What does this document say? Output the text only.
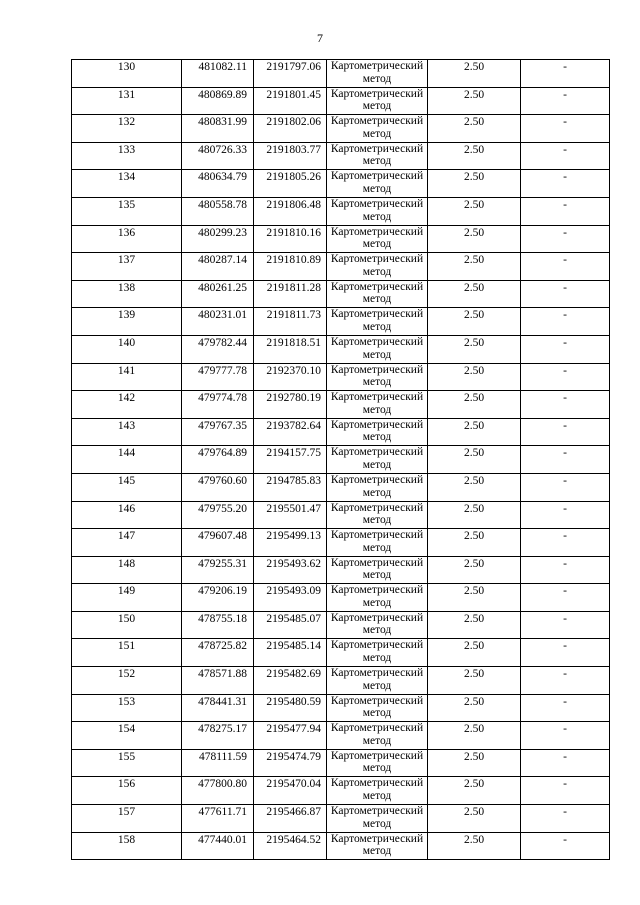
7
130	481082.11	2191797.06	Картометрический метод	2.50	-
131	480869.89	2191801.45	Картометрический метод	2.50	-
132	480831.99	2191802.06	Картометрический метод	2.50	-
133	480726.33	2191803.77	Картометрический метод	2.50	-
134	480634.79	2191805.26	Картометрический метод	2.50	-
135	480558.78	2191806.48	Картометрический метод	2.50	-
136	480299.23	2191810.16	Картометрический метод	2.50	-
137	480287.14	2191810.89	Картометрический метод	2.50	-
138	480261.25	2191811.28	Картометрический метод	2.50	-
139	480231.01	2191811.73	Картометрический метод	2.50	-
140	479782.44	2191818.51	Картометрический метод	2.50	-
141	479777.78	2192370.10	Картометрический метод	2.50	-
142	479774.78	2192780.19	Картометрический метод	2.50	-
143	479767.35	2193782.64	Картометрический метод	2.50	-
144	479764.89	2194157.75	Картометрический метод	2.50	-
145	479760.60	2194785.83	Картометрический метод	2.50	-
146	479755.20	2195501.47	Картометрический метод	2.50	-
147	479607.48	2195499.13	Картометрический метод	2.50	-
148	479255.31	2195493.62	Картометрический метод	2.50	-
149	479206.19	2195493.09	Картометрический метод	2.50	-
150	478755.18	2195485.07	Картометрический метод	2.50	-
151	478725.82	2195485.14	Картометрический метод	2.50	-
152	478571.88	2195482.69	Картометрический метод	2.50	-
153	478441.31	2195480.59	Картометрический метод	2.50	-
154	478275.17	2195477.94	Картометрический метод	2.50	-
155	478111.59	2195474.79	Картометрический метод	2.50	-
156	477800.80	2195470.04	Картометрический метод	2.50	-
157	477611.71	2195466.87	Картометрический метод	2.50	-
158	477440.01	2195464.52	Картометрический метод	2.50	-
